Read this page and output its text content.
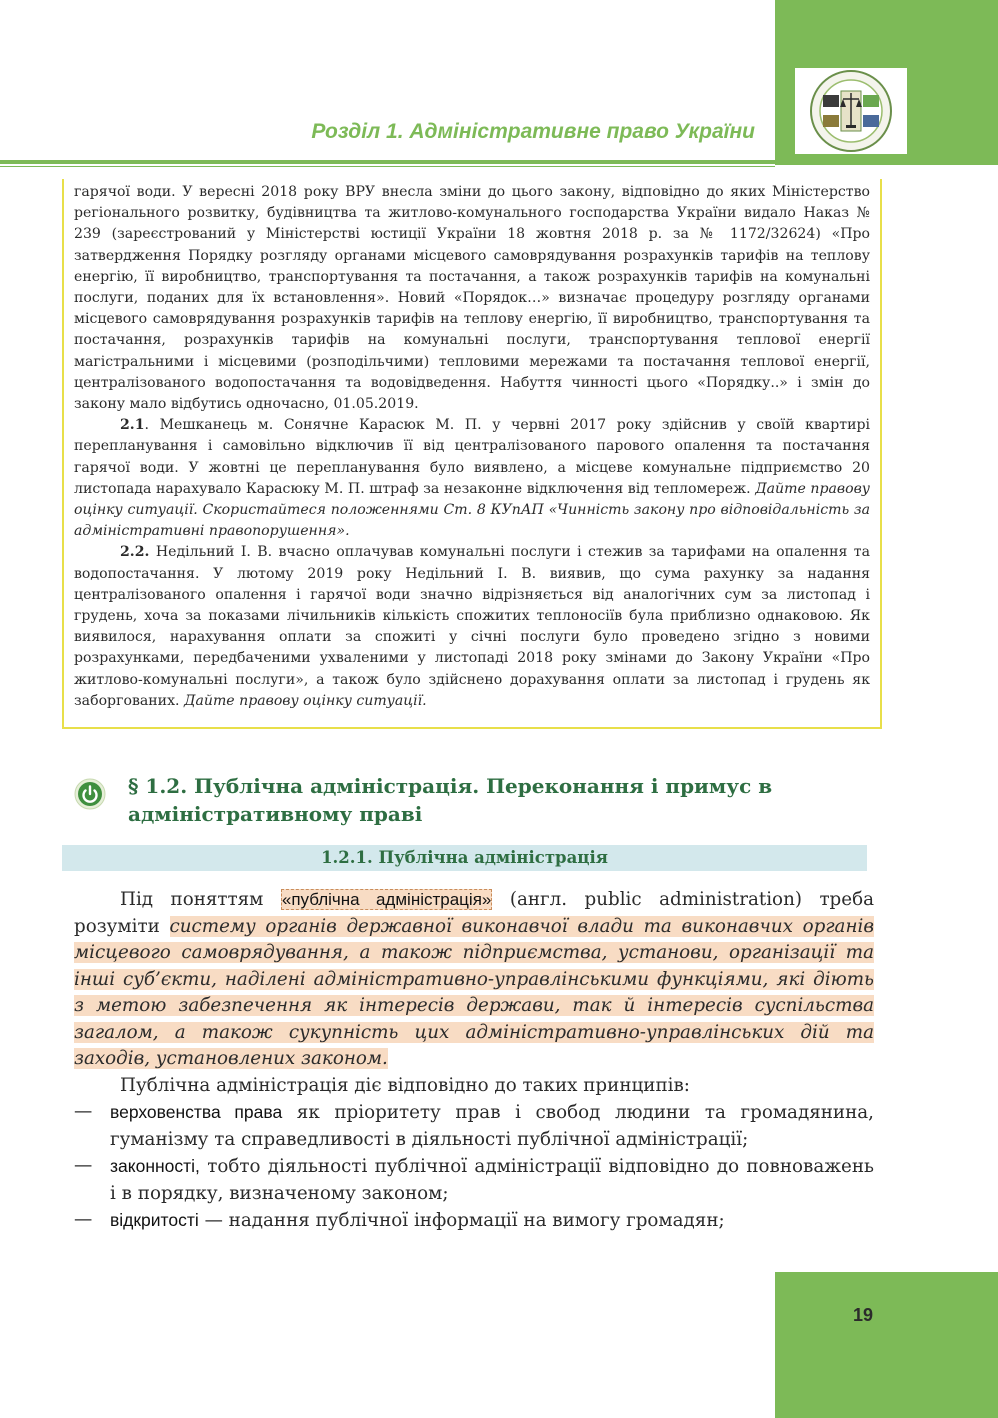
Розділ 1. Адміністративне право України

гарячої води. У вересні 2018 року ВРУ внесла зміни до цього закону, відповідно до яких Міністерство регіонального розвитку, будівництва та житлово-комунального господарства України видало Наказ № 239 (зареєстрований у Міністерстві юстиції України 18 жовтня 2018 р. за № 1172/32624) «Про затвердження Порядку розгляду органами місцевого самоврядування розрахунків тарифів на теплову енергію, її виробництво, транспортування та постачання, а також розрахунків тарифів на комунальні послуги, поданих для їх встановлення». Новий «Порядок…» визначає процедуру розгляду органами місцевого самоврядування розрахунків тарифів на теплову енергію, її виробництво, транспортування та постачання, розрахунків тарифів на комунальні послуги, транспортування теплової енергії магістральними і місцевими (розподільчими) тепловими мережами та постачання теплової енергії, централізованого водопостачання та водовідведення. Набуття чинності цього «Порядку..» і змін до закону мало відбутись одночасно, 01.05.2019.

2.1. Мешканець м. Сонячне Карасюк М. П. у червні 2017 року здійснив у своїй квартирі перепланування і самовільно відключив її від централізованого парового опалення та постачання гарячої води. У жовтні це перепланування було виявлено, а місцеве комунальне підприємство 20 листопада нарахувало Карасюку М. П. штраф за незаконне відключення від тепломереж. Дайте правову оцінку ситуації. Скористайтеся положеннями Ст. 8 КУпАП «Чинність закону про відповідальність за адміністративні правопорушення».

2.2. Недільний І. В. вчасно оплачував комунальні послуги і стежив за тарифами на опалення та водопостачання. У лютому 2019 року Недільний І. В. виявив, що сума рахунку за надання централізованого опалення і гарячої води значно відрізняється від аналогічних сум за листопад і грудень, хоча за показами лічильників кількість спожитих теплоносіїв була приблизно однаковою. Як виявилося, нарахування оплати за спожиті у січні послуги було проведено згідно з новими розрахунками, передбаченими ухваленими у листопаді 2018 року змінами до Закону України «Про житлово-комунальні послуги», а також було здійснено дорахування оплати за листопад і грудень як заборгованих. Дайте правову оцінку ситуації.

§ 1.2. Публічна адміністрація. Переконання і примус в адміністративному праві
1.2.1. Публічна адміністрація

Під поняттям «публічна адміністрація» (англ. public administration) треба розуміти систему органів державної виконавчої влади та виконавчих органів місцевого самоврядування, а також підприємства, установи, організації та інші суб’єкти, наділені адміністративно-управлінськими функціями, які діють з метою забезпечення як інтересів держави, так й інтересів суспільства загалом, а також сукупність цих адміністративно-управлінських дій та заходів, установлених законом.

Публічна адміністрація діє відповідно до таких принципів:

— верховенства права як пріоритету прав і свобод людини та громадянина, гуманізму та справедливості в діяльності публічної адміністрації;
— законності, тобто діяльності публічної адміністрації відповідно до повноважень і в порядку, визначеному законом;
— відкритості — надання публічної інформації на вимогу громадян;
19
